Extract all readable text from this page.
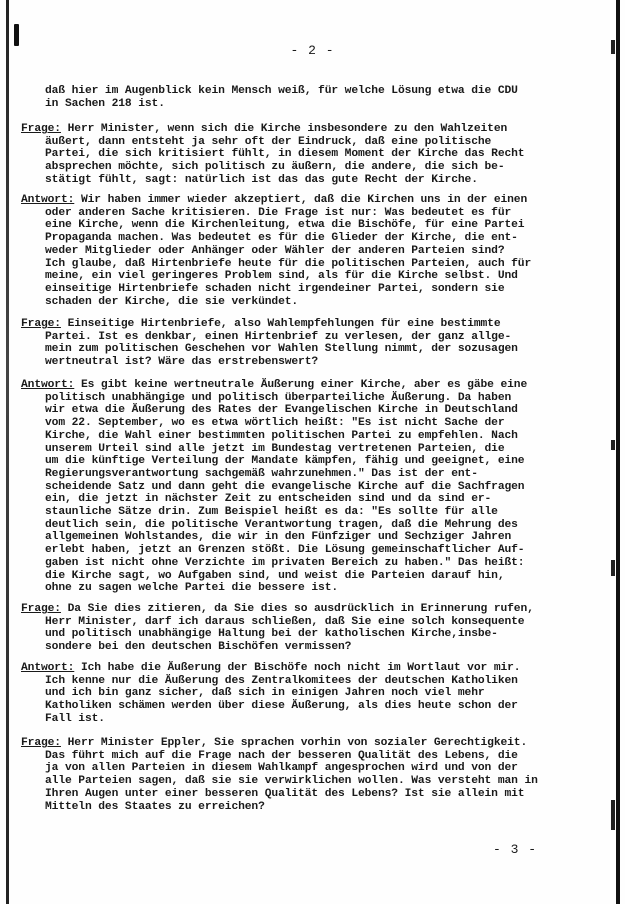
- 2 -
daß hier im Augenblick kein Mensch weiß, für welche Lösung etwa die CDU
in Sachen 218 ist.
Frage: Herr Minister, wenn sich die Kirche insbesondere zu den Wahlzeiten
äußert, dann entsteht ja sehr oft der Eindruck, daß eine politische
Partei, die sich kritisiert fühlt, in diesem Moment der Kirche das Recht
absprechen möchte, sich politisch zu äußern, die andere, die sich be-
stätigt fühlt, sagt: natürlich ist das das gute Recht der Kirche.
Antwort: Wir haben immer wieder akzeptiert, daß die Kirchen uns in der einen
oder anderen Sache kritisieren. Die Frage ist nur: Was bedeutet es für
eine Kirche, wenn die Kirchenleitung, etwa die Bischöfe, für eine Partei
Propaganda machen. Was bedeutet es für die Glieder der Kirche, die ent-
weder Mitglieder oder Anhänger oder Wähler der anderen Parteien sind?
Ich glaube, daß Hirtenbriefe heute für die politischen Parteien, auch für
meine, ein viel geringeres Problem sind, als für die Kirche selbst. Und
einseitige Hirtenbriefe schaden nicht irgendeiner Partei, sondern sie
schaden der Kirche, die sie verkündet.
Frage: Einseitige Hirtenbriefe, also Wahlempfehlungen für eine bestimmte
Partei. Ist es denkbar, einen Hirtenbrief zu verlesen, der ganz allge-
mein zum politischen Geschehen vor Wahlen Stellung nimmt, der sozusagen
wertneutral ist? Wäre das erstrebenswert?
Antwort: Es gibt keine wertneutrale Äußerung einer Kirche, aber es gäbe eine
politisch unabhängige und politisch überparteiliche Äußerung. Da haben
wir etwa die Äußerung des Rates der Evangelischen Kirche in Deutschland
vom 22. September, wo es etwa wörtlich heißt: "Es ist nicht Sache der
Kirche, die Wahl einer bestimmten politischen Partei zu empfehlen. Nach
unserem Urteil sind alle jetzt im Bundestag vertretenen Parteien, die
um die künftige Verteilung der Mandate kämpfen, fähig und geeignet, eine
Regierungsverantwortung sachgemäß wahrzunehmen." Das ist der ent-
scheidende Satz und dann geht die evangelische Kirche auf die Sachfragen
ein, die jetzt in nächster Zeit zu entscheiden sind und da sind er-
staunliche Sätze drin. Zum Beispiel heißt es da: "Es sollte für alle
deutlich sein, die politische Verantwortung tragen, daß die Mehrung des
allgemeinen Wohlstandes, die wir in den Fünfziger und Sechziger Jahren
erlebt haben, jetzt an Grenzen stößt. Die Lösung gemeinschaftlicher Auf-
gaben ist nicht ohne Verzichte im privaten Bereich zu haben." Das heißt:
die Kirche sagt, wo Aufgaben sind, und weist die Parteien darauf hin,
ohne zu sagen welche Partei die bessere ist.
Frage: Da Sie dies zitieren, da Sie dies so ausdrücklich in Erinnerung rufen,
Herr Minister, darf ich daraus schließen, daß Sie eine solch konsequente
und politisch unabhängige Haltung bei der katholischen Kirche,insbe-
sondere bei den deutschen Bischöfen vermissen?
Antwort: Ich habe die Äußerung der Bischöfe noch nicht im Wortlaut vor mir.
Ich kenne nur die Äußerung des Zentralkomitees der deutschen Katholiken
und ich bin ganz sicher, daß sich in einigen Jahren noch viel mehr
Katholiken schämen werden über diese Äußerung, als dies heute schon der
Fall ist.
Frage: Herr Minister Eppler, Sie sprachen vorhin von sozialer Gerechtigkeit.
Das führt mich auf die Frage nach der besseren Qualität des Lebens, die
ja von allen Parteien in diesem Wahlkampf angesprochen wird und von der
alle Parteien sagen, daß sie sie verwirklichen wollen. Was versteht man in
Ihren Augen unter einer besseren Qualität des Lebens? Ist sie allein mit
Mitteln des Staates zu erreichen?
- 3 -
